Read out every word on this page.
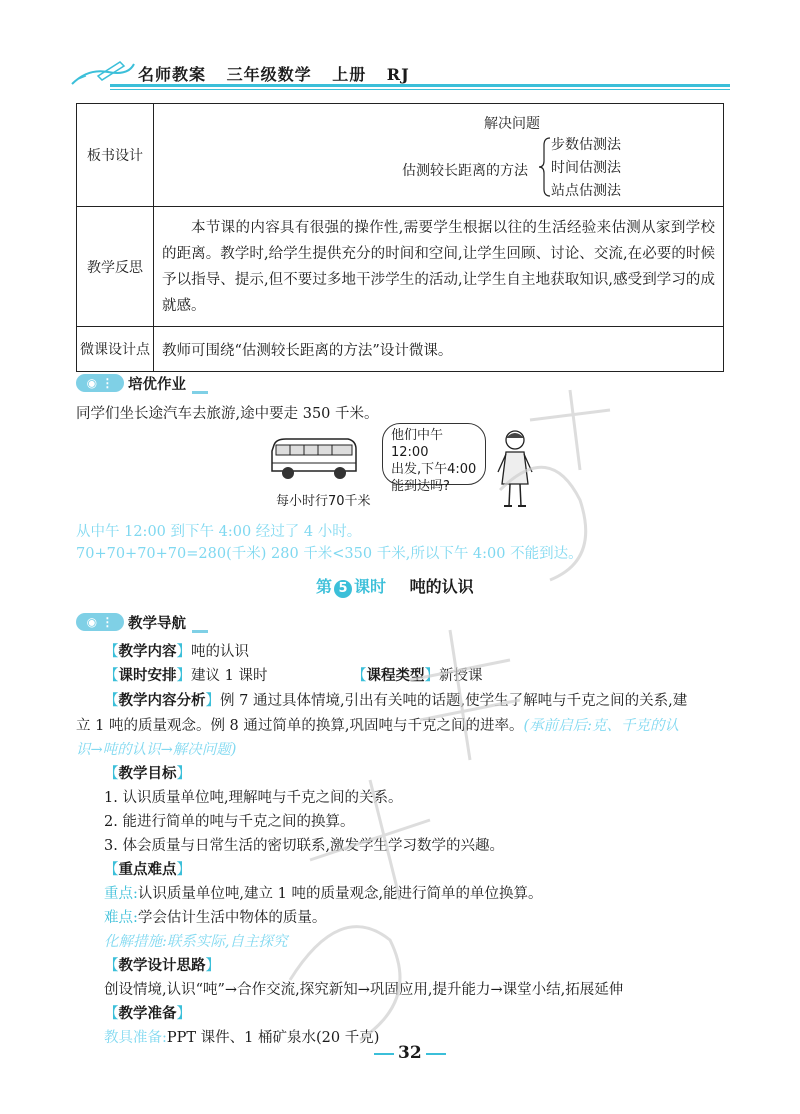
名师教案 三年级数学 上册 RJ
板书设计	解决问题
估测较长距离的方法
步数估测法
时间估测法
站点估测法

教学反思	本节课的内容具有很强的操作性,需要学生根据以往的生活经验来估测从家到学校的距离。教学时,给学生提供充分的时间和空间,让学生回顾、讨论、交流,在必要的时候予以指导、提示,但不要过多地干涉学生的活动,让学生自主地获取知识,感受到学习的成就感。
微课设计点	教师可围绕“估测较长距离的方法”设计微课。
◉ ⋮ 培优作业
同学们坐长途汽车去旅游,途中要走 350 千米。
每小时行70千米
他们中午12:00
出发,下午4:00
能到达吗?
从中午 12:00 到下午 4:00 经过了 4 小时。
70+70+70+70=280(千米) 280 千米<350 千米,所以下午 4:00 不能到达。
第 5 课时 吨的认识
◉ ⋮ 教学导航
【教学内容】吨的认识
【课时安排】建议 1 课时	【课程类型】新授课
【教学内容分析】例 7 通过具体情境,引出有关吨的话题,使学生了解吨与千克之间的关系,建
立 1 吨的质量观念。例 8 通过简单的换算,巩固吨与千克之间的进率。(承前启后:克、千克的认
识→吨的认识→解决问题)
【教学目标】
1. 认识质量单位吨,理解吨与千克之间的关系。
2. 能进行简单的吨与千克之间的换算。
3. 体会质量与日常生活的密切联系,激发学生学习数学的兴趣。
【重点难点】
重点:认识质量单位吨,建立 1 吨的质量观念,能进行简单的单位换算。
难点:学会估计生活中物体的质量。
化解措施:联系实际,自主探究
【教学设计思路】
创设情境,认识“吨”→合作交流,探究新知→巩固应用,提升能力→课堂小结,拓展延伸
【教学准备】
教具准备:PPT 课件、1 桶矿泉水(20 千克)
32
